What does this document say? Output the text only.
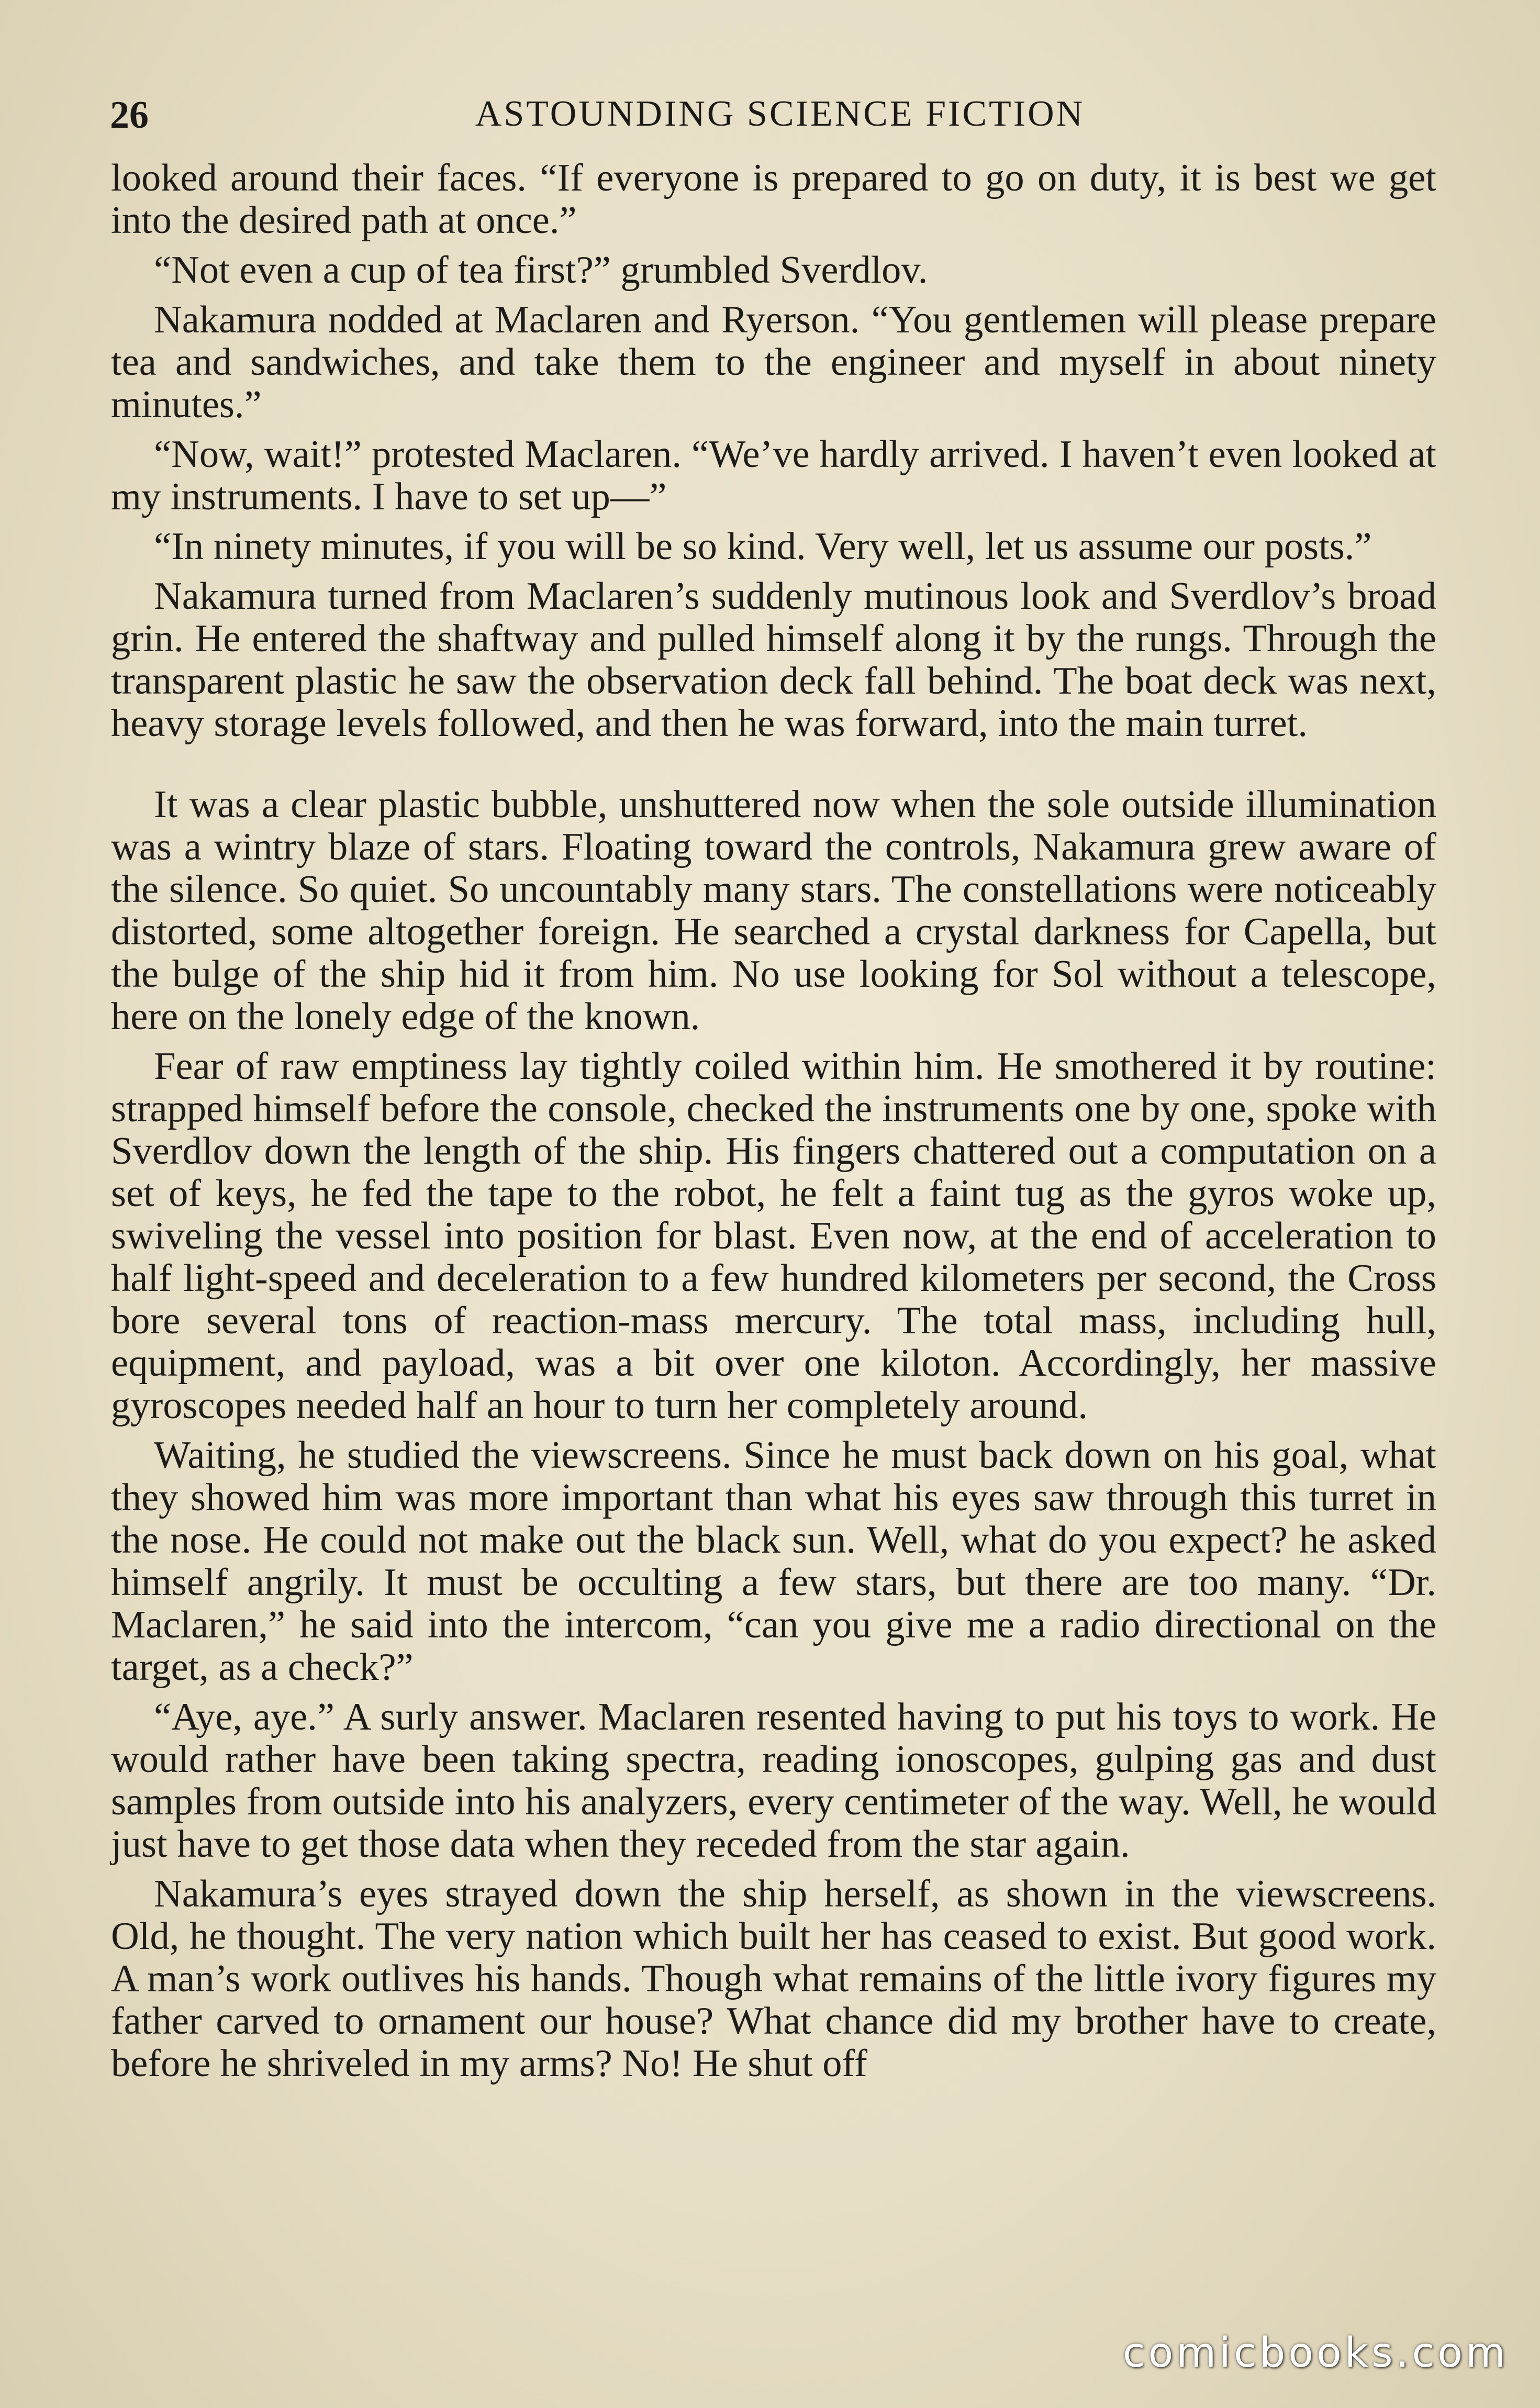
26	ASTOUNDING SCIENCE FICTION

looked around their faces. “If everyone is prepared to go on duty, it is best we get into the desired path at once.”

“Not even a cup of tea first?” grumbled Sverdlov.

Nakamura nodded at Maclaren and Ryerson. “You gentlemen will please prepare tea and sandwiches, and take them to the engineer and myself in about ninety minutes.”

“Now, wait!” protested Maclaren. “We’ve hardly arrived. I haven’t even looked at my instruments. I have to set up—”

“In ninety minutes, if you will be so kind. Very well, let us assume our posts.”

Nakamura turned from Maclaren’s suddenly mutinous look and Sverdlov’s broad grin. He entered the shaftway and pulled himself along it by the rungs. Through the transparent plastic he saw the observation deck fall behind. The boat deck was next, heavy storage levels followed, and then he was forward, into the main turret.

It was a clear plastic bubble, unshuttered now when the sole outside illumination was a wintry blaze of stars. Floating toward the controls, Nakamura grew aware of the silence. So quiet. So uncountably many stars. The constellations were noticeably distorted, some altogether foreign. He searched a crystal darkness for Capella, but the bulge of the ship hid it from him. No use looking for Sol without a telescope, here on the lonely edge of the known.

Fear of raw emptiness lay tightly coiled within him. He smothered it by routine: strapped himself before the console, checked the instruments one by one, spoke with Sverdlov down the length of the ship. His fingers chattered out a computation on a set of keys, he fed the tape to the robot, he felt a faint tug as the gyros woke up, swiveling the vessel into position for blast. Even now, at the end of acceleration to half light-speed and deceleration to a few hundred kilometers per second, the Cross bore several tons of reaction-mass mercury. The total mass, including hull, equipment, and payload, was a bit over one kiloton. Accordingly, her massive gyroscopes needed half an hour to turn her completely around.

Waiting, he studied the viewscreens. Since he must back down on his goal, what they showed him was more important than what his eyes saw through this turret in the nose. He could not make out the black sun. Well, what do you expect? he asked himself angrily. It must be occulting a few stars, but there are too many. “Dr. Maclaren,” he said into the intercom, “can you give me a radio directional on the target, as a check?”

“Aye, aye.” A surly answer. Maclaren resented having to put his toys to work. He would rather have been taking spectra, reading ionoscopes, gulping gas and dust samples from outside into his analyzers, every centimeter of the way. Well, he would just have to get those data when they receded from the star again.

Nakamura’s eyes strayed down the ship herself, as shown in the viewscreens. Old, he thought. The very nation which built her has ceased to exist. But good work. A man’s work outlives his hands. Though what remains of the little ivory figures my father carved to ornament our house? What chance did my brother have to create, before he shriveled in my arms? No! He shut off

comicbooks.com
